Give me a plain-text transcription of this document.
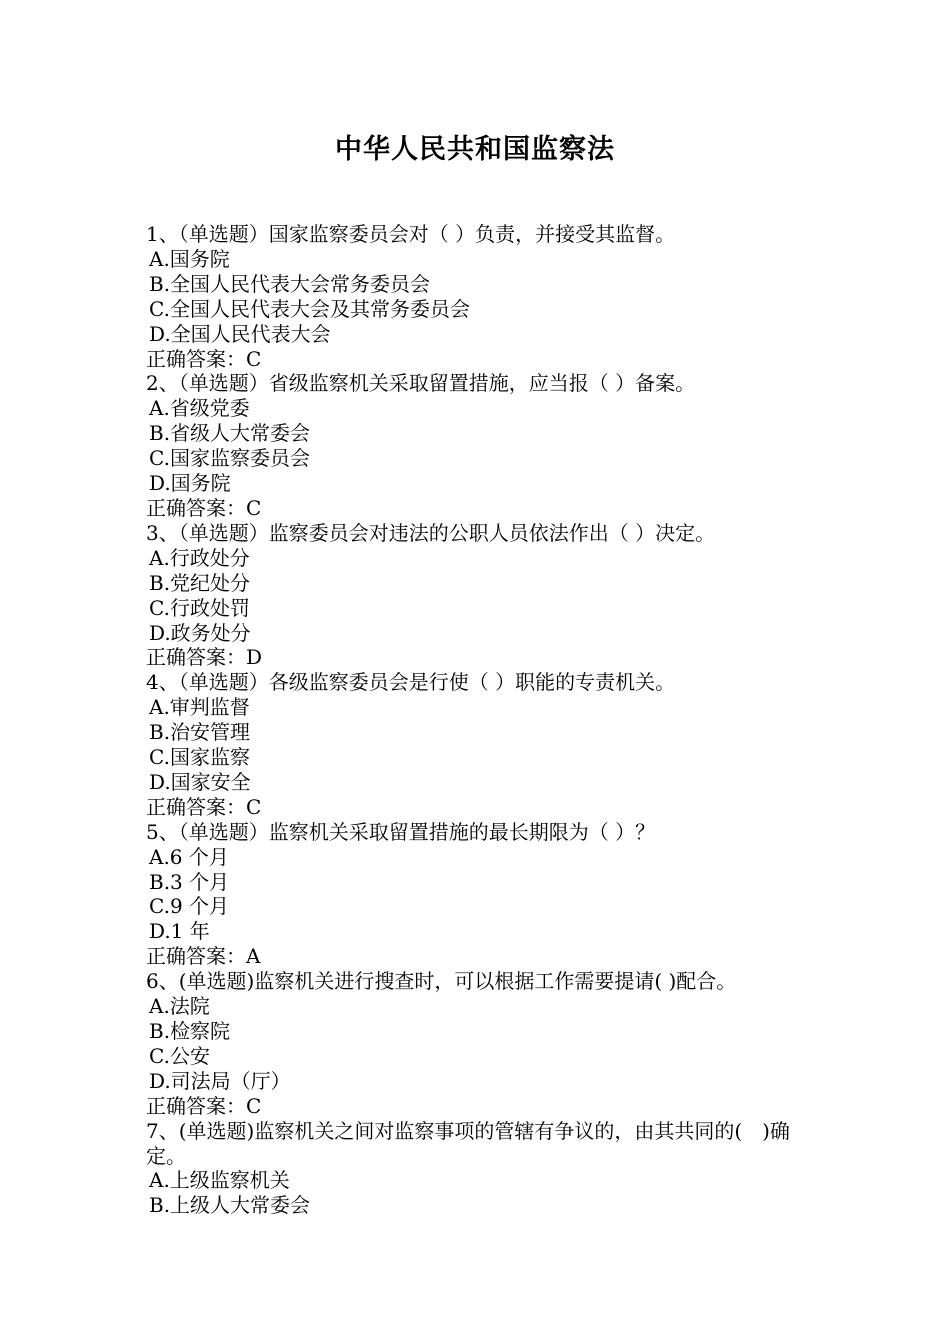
中华人民共和国监察法
1、（单选题）国家监察委员会对（ ）负责，并接受其监督。
A.国务院
B.全国人民代表大会常务委员会
C.全国人民代表大会及其常务委员会
D.全国人民代表大会
正确答案：C
2、（单选题）省级监察机关采取留置措施，应当报（ ）备案。
A.省级党委
B.省级人大常委会
C.国家监察委员会
D.国务院
正确答案：C
3、（单选题）监察委员会对违法的公职人员依法作出（ ）决定。
A.行政处分
B.党纪处分
C.行政处罚
D.政务处分
正确答案：D
4、（单选题）各级监察委员会是行使（ ）职能的专责机关。
A.审判监督
B.治安管理
C.国家监察
D.国家安全
正确答案：C
5、（单选题）监察机关采取留置措施的最长期限为（ ）？
A.6 个月
B.3 个月
C.9 个月
D.1 年
正确答案：A
6、(单选题)监察机关进行搜查时，可以根据工作需要提请( )配合。
A.法院
B.检察院
C.公安
D.司法局（厅）
正确答案：C
7、(单选题)监察机关之间对监察事项的管辖有争议的，由其共同的(　)确定。
A.上级监察机关
B.上级人大常委会
